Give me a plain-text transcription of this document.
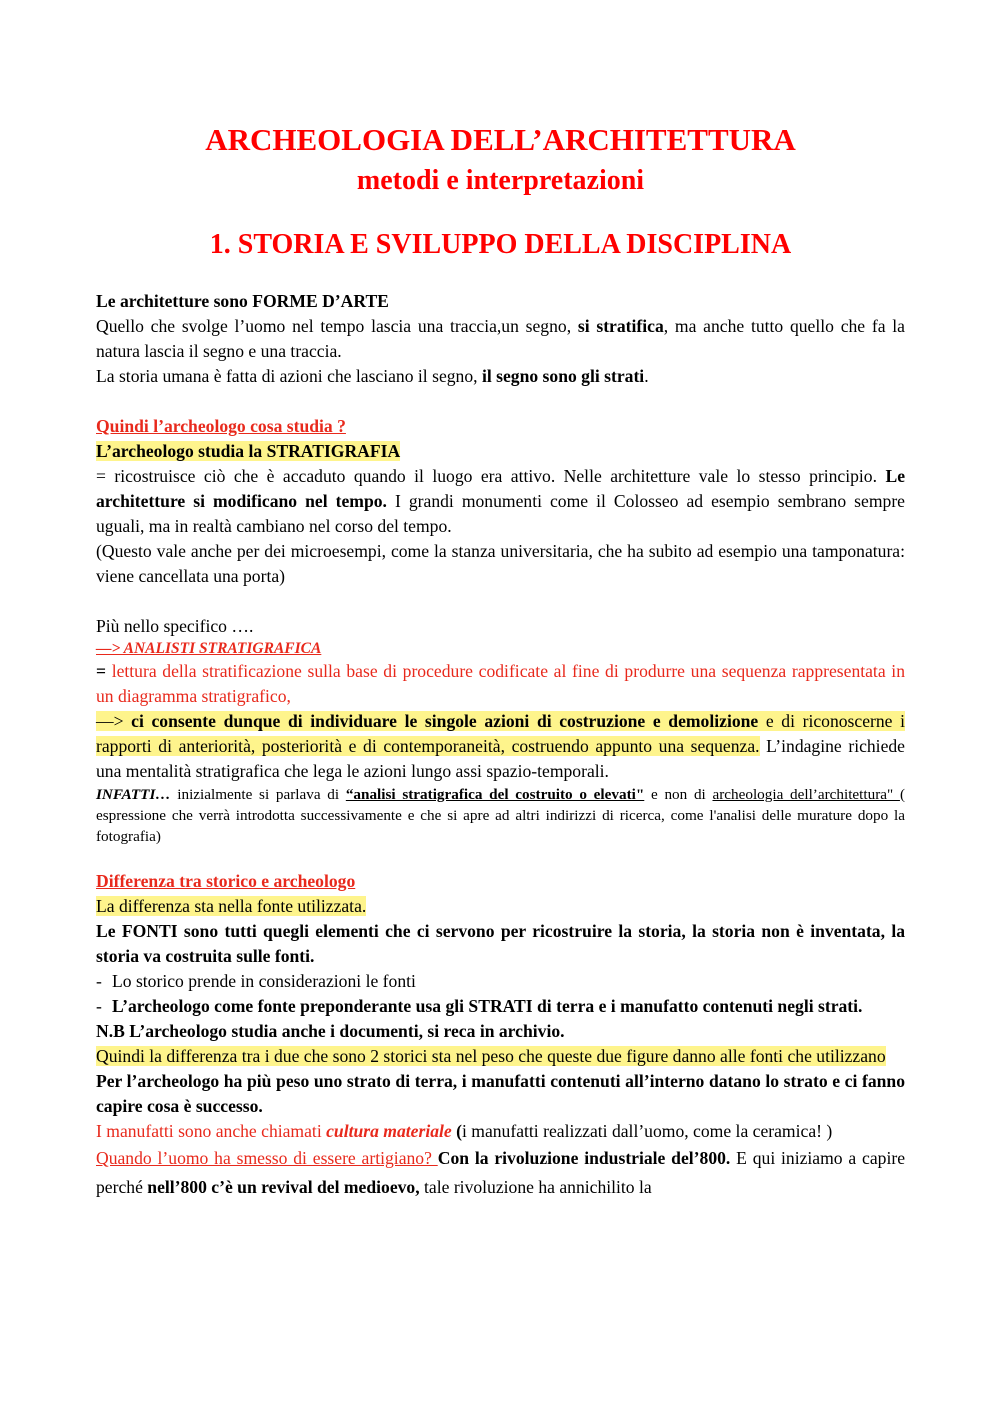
ARCHEOLOGIA DELL’ARCHITETTURA
metodi e interpretazioni
1. STORIA E SVILUPPO DELLA DISCIPLINA

Le architetture sono FORME D’ARTE

Quello che svolge l’uomo nel tempo lascia una traccia,un segno, si stratifica, ma anche tutto quello che fa la natura lascia il segno e una traccia.

La storia umana è fatta di azioni che lasciano il segno, il segno sono gli strati.

Quindi l’archeologo cosa studia ?

L’archeologo studia la STRATIGRAFIA

= ricostruisce ciò che è accaduto quando il luogo era attivo. Nelle architetture vale lo stesso principio. Le architetture si modificano nel tempo. I grandi monumenti come il Colosseo ad esempio sembrano sempre uguali, ma in realtà cambiano nel corso del tempo.

(Questo vale anche per dei microesempi, come la stanza universitaria, che ha subito ad esempio una tamponatura: viene cancellata una porta)

Più nello specifico ….

—> ANALISTI STRATIGRAFICA

= lettura della stratificazione sulla base di procedure codificate al fine di produrre una sequenza rappresentata in un diagramma stratigrafico,

—> ci consente dunque di individuare le singole azioni di costruzione e demolizione e di riconoscerne i rapporti di anteriorità, posteriorità e di contemporaneità, costruendo appunto una sequenza. L’indagine richiede una mentalità stratigrafica che lega le azioni lungo assi spazio-temporali.

INFATTI… inizialmente si parlava di “analisi stratigrafica del costruito o elevati" e non di archeologia dell’architettura" ( espressione che verrà introdotta successivamente e che si apre ad altri indirizzi di ricerca, come l'analisi delle murature dopo la fotografia)

Differenza tra storico e archeologo

La differenza sta nella fonte utilizzata.

Le FONTI sono tutti quegli elementi che ci servono per ricostruire la storia, la storia non è inventata, la storia va costruita sulle fonti.

- Lo storico prende in considerazioni le fonti
- L’archeologo come fonte preponderante usa gli STRATI di terra e i manufatto contenuti negli strati.

N.B L’archeologo studia anche i documenti, si reca in archivio.

Quindi la differenza tra i due che sono 2 storici sta nel peso che queste due figure danno alle fonti che utilizzano

Per l’archeologo ha più peso uno strato di terra, i manufatti contenuti all’interno datano lo strato e ci fanno capire cosa è successo.

I manufatti sono anche chiamati cultura materiale (i manufatti realizzati dall’uomo, come la ceramica! )

Quando l’uomo ha smesso di essere artigiano? Con la rivoluzione industriale del’800. E qui iniziamo a capire perché nell’800 c’è un revival del medioevo, tale rivoluzione ha annichilito la
